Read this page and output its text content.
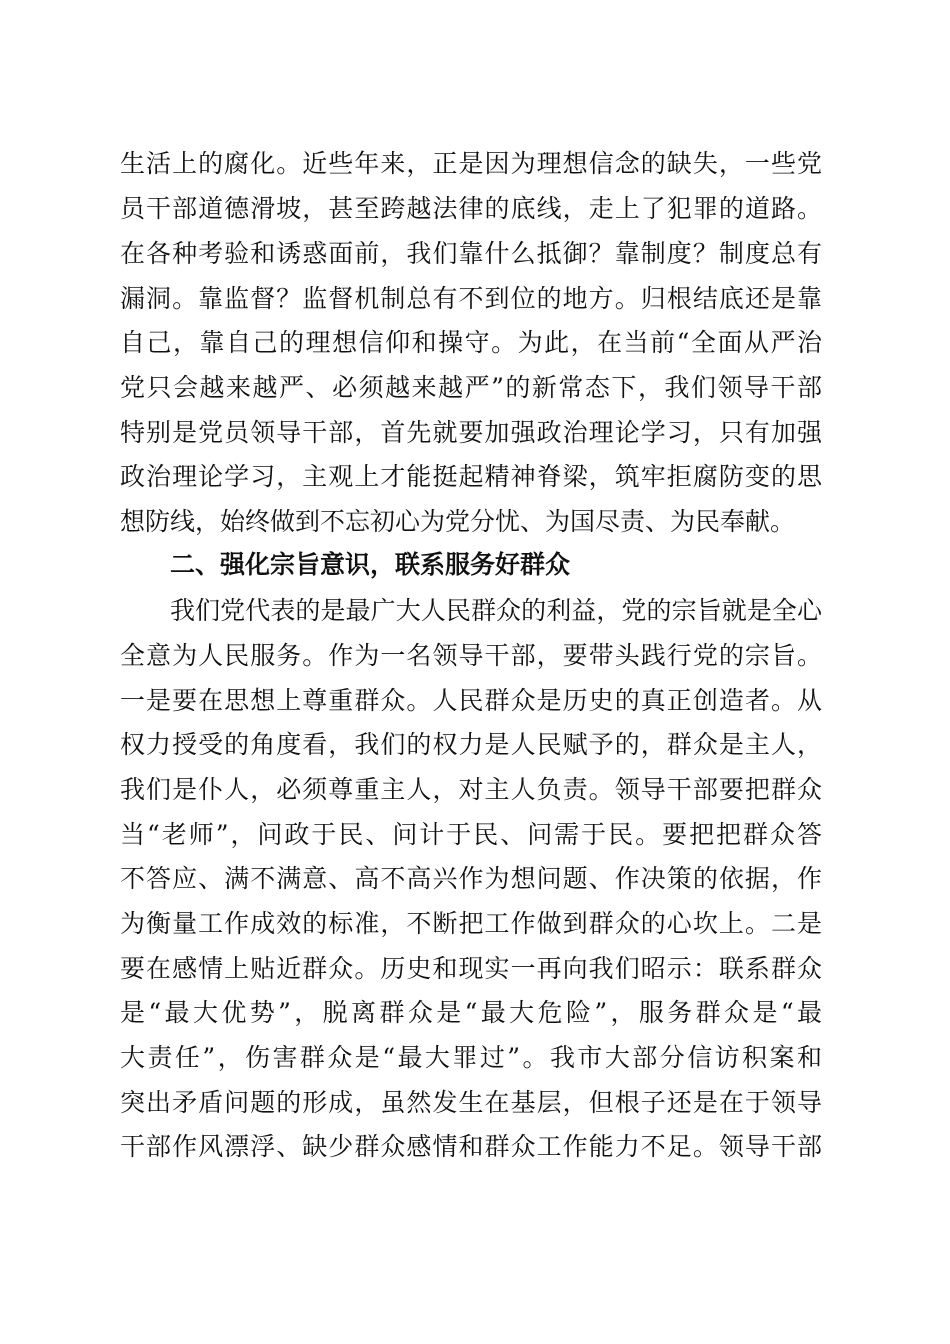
生活上的腐化。近些年来，正是因为理想信念的缺失，一些党
员干部道德滑坡，甚至跨越法律的底线，走上了犯罪的道路。
在各种考验和诱惑面前，我们靠什么抵御？靠制度？制度总有
漏洞。靠监督？监督机制总有不到位的地方。归根结底还是靠
自己，靠自己的理想信仰和操守。为此，在当前“全面从严治
党只会越来越严、必须越来越严”的新常态下，我们领导干部
特别是党员领导干部，首先就要加强政治理论学习，只有加强
政治理论学习，主观上才能挺起精神脊梁，筑牢拒腐防变的思
想防线，始终做到不忘初心为党分忧、为国尽责、为民奉献。
二、强化宗旨意识，联系服务好群众
我们党代表的是最广大人民群众的利益，党的宗旨就是全心
全意为人民服务。作为一名领导干部，要带头践行党的宗旨。
一是要在思想上尊重群众。人民群众是历史的真正创造者。从
权力授受的角度看，我们的权力是人民赋予的，群众是主人，
我们是仆人，必须尊重主人，对主人负责。领导干部要把群众
当“老师”，问政于民、问计于民、问需于民。要把把群众答
不答应、满不满意、高不高兴作为想问题、作决策的依据，作
为衡量工作成效的标准，不断把工作做到群众的心坎上。二是
要在感情上贴近群众。历史和现实一再向我们昭示：联系群众
是“最大优势”，脱离群众是“最大危险”，服务群众是“最
大责任”，伤害群众是“最大罪过”。我市大部分信访积案和
突出矛盾问题的形成，虽然发生在基层，但根子还是在于领导
干部作风漂浮、缺少群众感情和群众工作能力不足。领导干部
